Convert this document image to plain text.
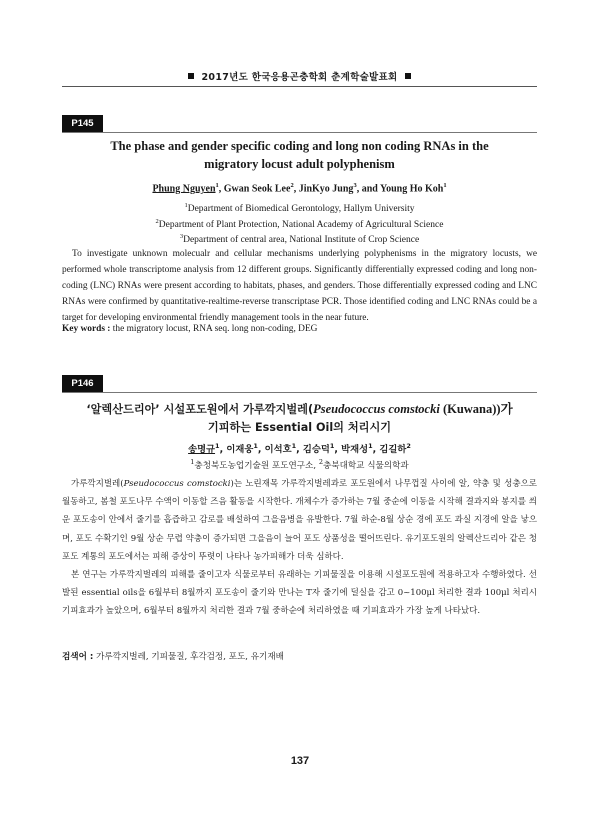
2017년도 한국응용곤충학회 춘계학술발표회
P145
The phase and gender specific coding and long non coding RNAs in the
migratory locust adult polyphenism
Phung Nguyen$^1$, Gwan Seok Lee$^2$, JinKyo Jung$^3$, and Young Ho Koh$^1$
$^1$Department of Biomedical Gerontology, Hallym University
$^2$Department of Plant Protection, National Academy of Agricultural Science
$^3$Department of central area, National Institute of Crop Science

To investigate unknown molecualr and cellular mechanisms underlying polyphenisms in the migratory locusts, we performed whole transcriptome analysis from 12 different groups. Significantly differentially expressed coding and long non-coding (LNC) RNAs were present according to habitats, phases, and genders. Those differentially expressed coding and LNC RNAs were confirmed by quantitative-realtime-reverse transcriptase PCR. Those identified coding and LNC RNAs could be a target for developing environmental friendly management tools in the near future.

Key words : the migratory locust, RNA seq. long non-coding, DEG
P146
‘알렉산드리아’ 시설포도원에서 가루깍지벌레(Pseudococcus comstocki (Kuwana))가
기피하는 Essential Oil의 처리시기
송명규$^1$, 이재웅$^1$, 이석호$^1$, 김승덕$^1$, 박재성$^1$, 김길하$^2$
$^1$충청북도농업기술원 포도연구소, $^2$충북대학교 식물의학과

가루깍지벌레(Pseudococcus comstocki)는 노린재목 가루깍지벌레과로 포도원에서 나무껍질 사이에 알, 약충 및 성충으로 월동하고, 봄철 포도나무 수액이 이동할 즈음 활동을 시작한다. 개체수가 증가하는 7월 중순에 이동을 시작해 결과지와 봉지를 씌운 포도송이 안에서 줄기를 흡즙하고 감로를 배설하여 그을음병을 유발한다. 7월 하순-8월 상순 경에 포도 과실 지경에 알을 낳으며, 포도 수확기인 9월 상순 무렵 약충이 증가되면 그을음이 늘어 포도 상품성을 떨어뜨린다. 유기포도원의 알렉산드리아 같은 청포도 계통의 포도에서는 피해 증상이 뚜렷이 나타나 농가피해가 더욱 심하다.

본 연구는 가루깍지벌레의 피해를 줄이고자 식물로부터 유래하는 기피물질을 이용해 시설포도원에 적용하고자 수행하였다. 선발된 essential oils을 6월부터 8월까지 포도송이 줄기와 만나는 T자 줄기에 덜실을 감고 0~100μl 처리한 결과 100μl 처리시 기피효과가 높았으며, 6월부터 8월까지 처리한 결과 7월 중하순에 처리하였을 때 기피효과가 가장 높게 나타났다.

검색어 : 가루깍지벌레, 기피물질, 후각검정, 포도, 유기재배
137
